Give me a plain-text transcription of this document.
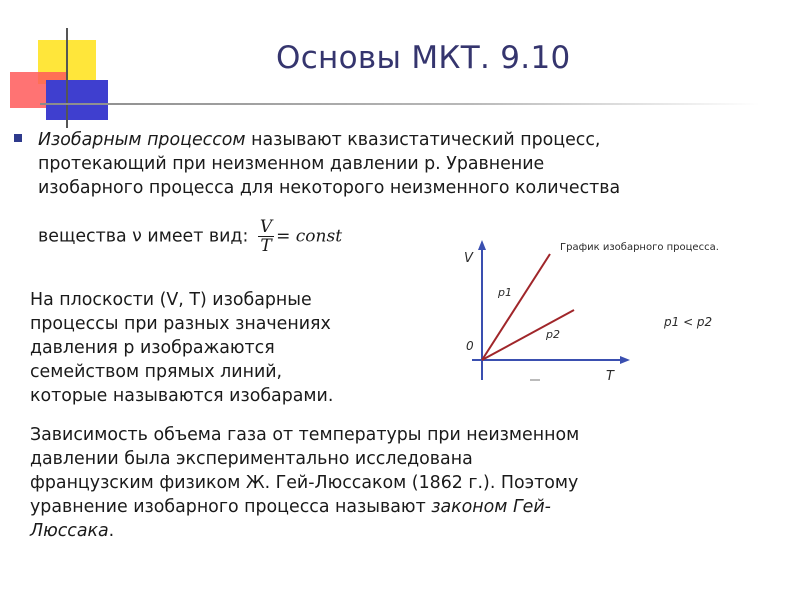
Основы МКТ. 9.10
Изобарным процессом называют квазистатический процесс,
протекающий при неизменном давлении p. Уравнение
изобарного процесса для некоторого неизменного количества
вещества ν имеет вид: $\frac{V}{T}$ = const
На плоскости (V, T) изобарные
процессы при разных значениях
давления p изображаются
семейством прямых линий,
которые называются изобарами.
Зависимость объема газа от температуры при неизменном
давлении была экспериментально исследована
французским физиком Ж. Гей-Люссаком (1862 г.). Поэтому
уравнение изобарного процесса называют законом Гей-
Люссака.
V
T
0
p1
p2
График изобарного процесса.
p1 < p2
